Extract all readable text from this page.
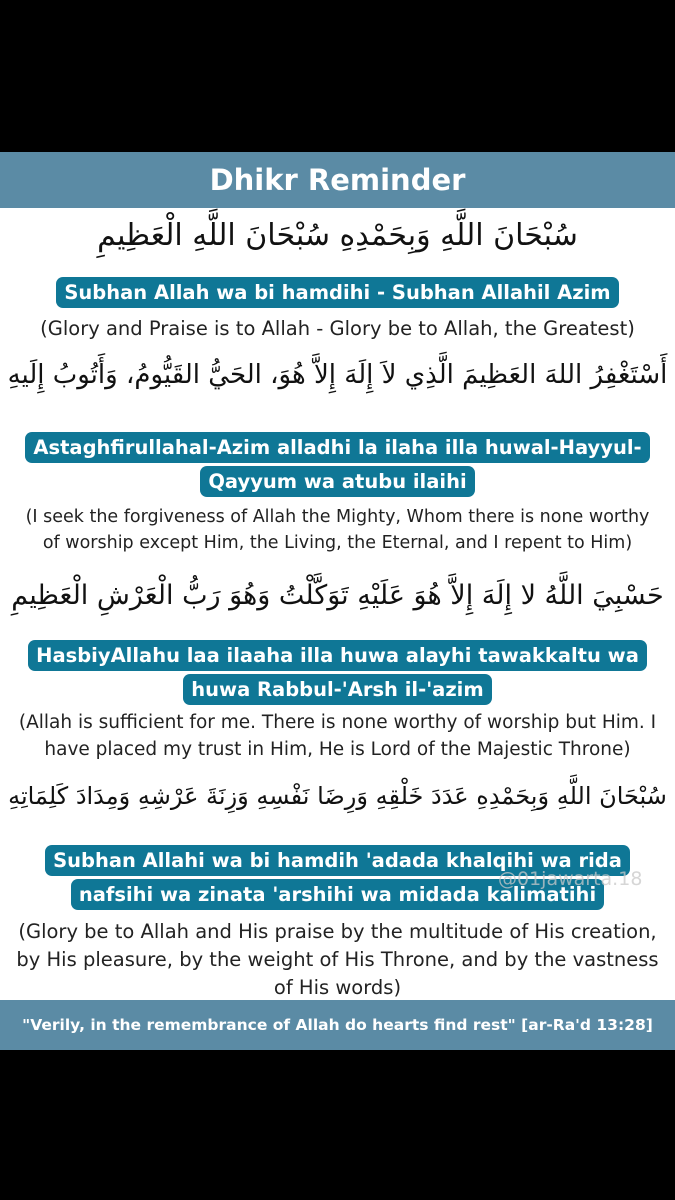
Dhikr Reminder
سُبْحَانَ اللَّهِ وَبِحَمْدِهِ سُبْحَانَ اللَّهِ الْعَظِيمِ
Subhan Allah wa bi hamdihi - Subhan Allahil Azim
(Glory and Praise is to Allah - Glory be to Allah, the Greatest)
أَسْتَغْفِرُ اللهَ العَظِيمَ الَّذِي لاَ إِلَهَ إِلاَّ هُوَ، الحَيُّ القَيُّومُ، وَأَتُوبُ إِلَيهِ
Astaghfirullahal-Azim alladhi la ilaha illa huwal-Hayyul-
Qayyum wa atubu ilaihi
(I seek the forgiveness of Allah the Mighty, Whom there is none worthy
of worship except Him, the Living, the Eternal, and I repent to Him)
حَسْبِيَ اللَّهُ لا إِلَهَ إِلاَّ هُوَ عَلَيْهِ تَوَكَّلْتُ وَهُوَ رَبُّ الْعَرْشِ الْعَظِيمِ
HasbiyAllahu laa ilaaha illa huwa alayhi tawakkaltu wa
huwa Rabbul-'Arsh il-'azim
(Allah is sufficient for me. There is none worthy of worship but Him. I
have placed my trust in Him, He is Lord of the Majestic Throne)
سُبْحَانَ اللَّهِ وَبِحَمْدِهِ عَدَدَ خَلْقِهِ وَرِضَا نَفْسِهِ وَزِنَةَ عَرْشِهِ وَمِدَادَ كَلِمَاتِهِ
Subhan Allahi wa bi hamdih 'adada khalqihi wa rida
nafsihi wa zinata 'arshihi wa midada kalimatihi
(Glory be to Allah and His praise by the multitude of His creation,
by His pleasure, by the weight of His Throne, and by the vastness
of His words)
@01jawarta.18
"Verily, in the remembrance of Allah do hearts find rest" [ar-Ra'd 13:28]
